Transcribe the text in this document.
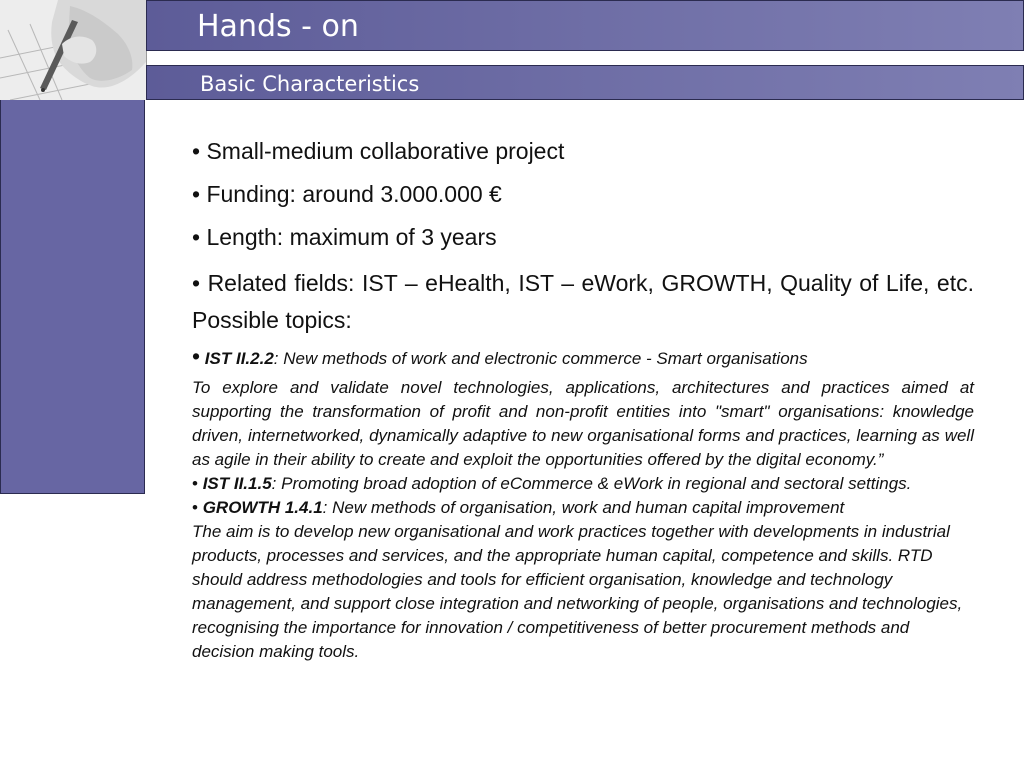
Hands - on
Basic Characteristics

• Small-medium collaborative project

• Funding: around 3.000.000 €

• Length: maximum of 3 years

• Related fields: IST – eHealth, IST – eWork, GROWTH, Quality of Life, etc. Possible topics:

• IST II.2.2: New methods of work and electronic commerce - Smart organisations

To explore and validate novel technologies, applications, architectures and practices aimed at supporting the transformation of profit and non-profit entities into "smart" organisations: knowledge driven, internetworked, dynamically adaptive to new organisational forms and practices, learning as well as agile in their ability to create and exploit the opportunities offered by the digital economy.”

• IST II.1.5: Promoting broad adoption of eCommerce & eWork in regional and sectoral settings.

• GROWTH 1.4.1: New methods of organisation, work and human capital improvement

The aim is to develop new organisational and work practices together with developments in industrial products, processes and services, and the appropriate human capital, competence and skills. RTD should address methodologies and tools for efficient organisation, knowledge and technology management, and support close integration and networking of people, organisations and technologies, recognising the importance for innovation / competitiveness of better procurement methods and decision making tools.
